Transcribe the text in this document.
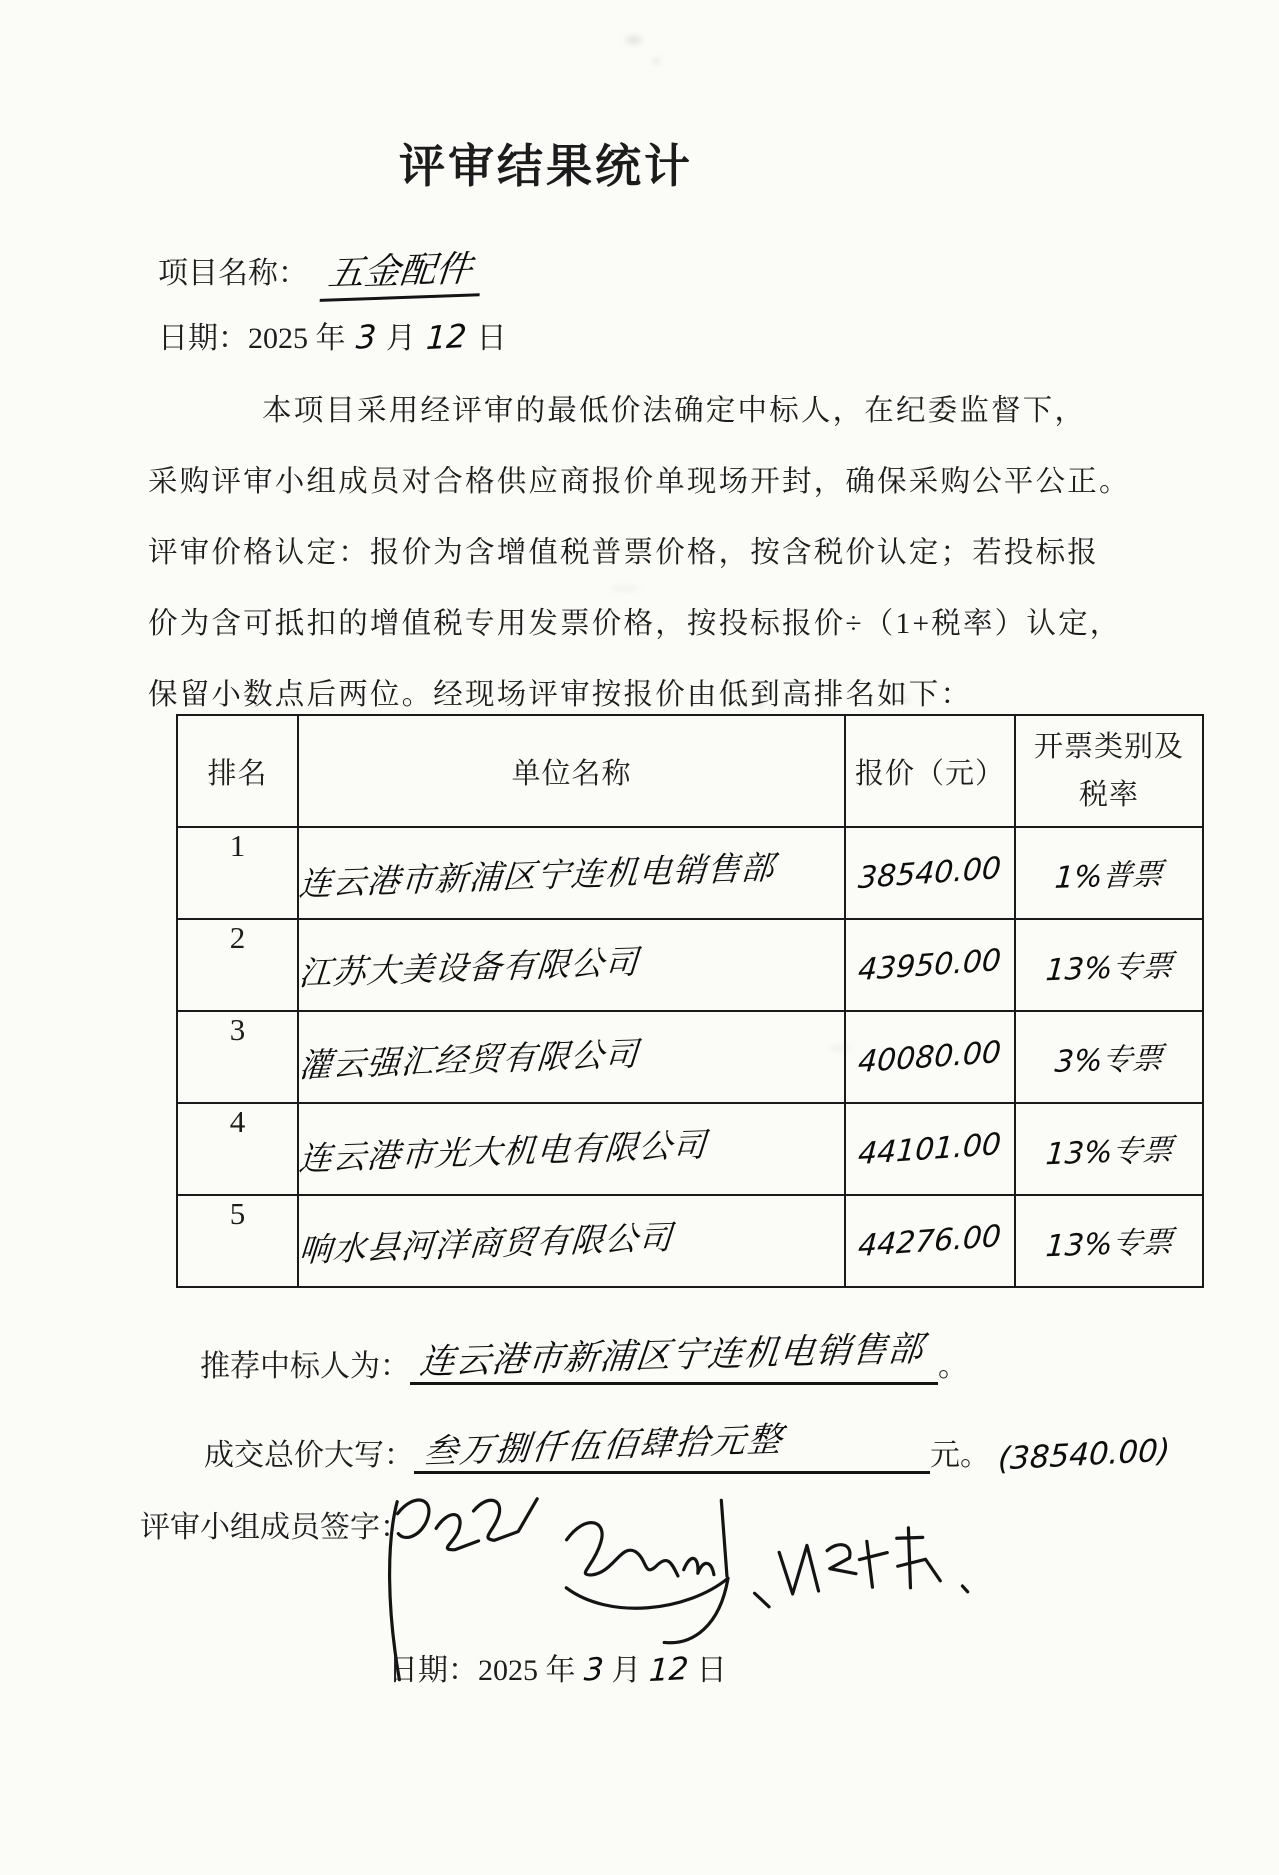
评审结果统计
项目名称： 五金配件
日期：2025 年 3 月 12 日
本项目采用经评审的最低价法确定中标人，在纪委监督下，
采购评审小组成员对合格供应商报价单现场开封，确保采购公平公正。
评审价格认定：报价为含增值税普票价格，按含税价认定；若投标报
价为含可抵扣的增值税专用发票价格，按投标报价÷（1+税率）认定，
保留小数点后两位。经现场评审按报价由低到高排名如下：
排名	单位名称	报价（元）	开票类别及
税率

1	连云港市新浦区宁连机电销售部	38540.00	1%普票
2	江苏大美设备有限公司	43950.00	13%专票
3	灌云强汇经贸有限公司	40080.00	3%专票
4	连云港市光大机电有限公司	44101.00	13%专票
5	响水县河洋商贸有限公司	44276.00	13%专票
推荐中标人为： 连云港市新浦区宁连机电销售部 。
成交总价大写： 叁万捌仟伍佰肆拾元整	元。 (38540.00)
评审小组成员签字：
日期：2025 年 3 月 12 日
